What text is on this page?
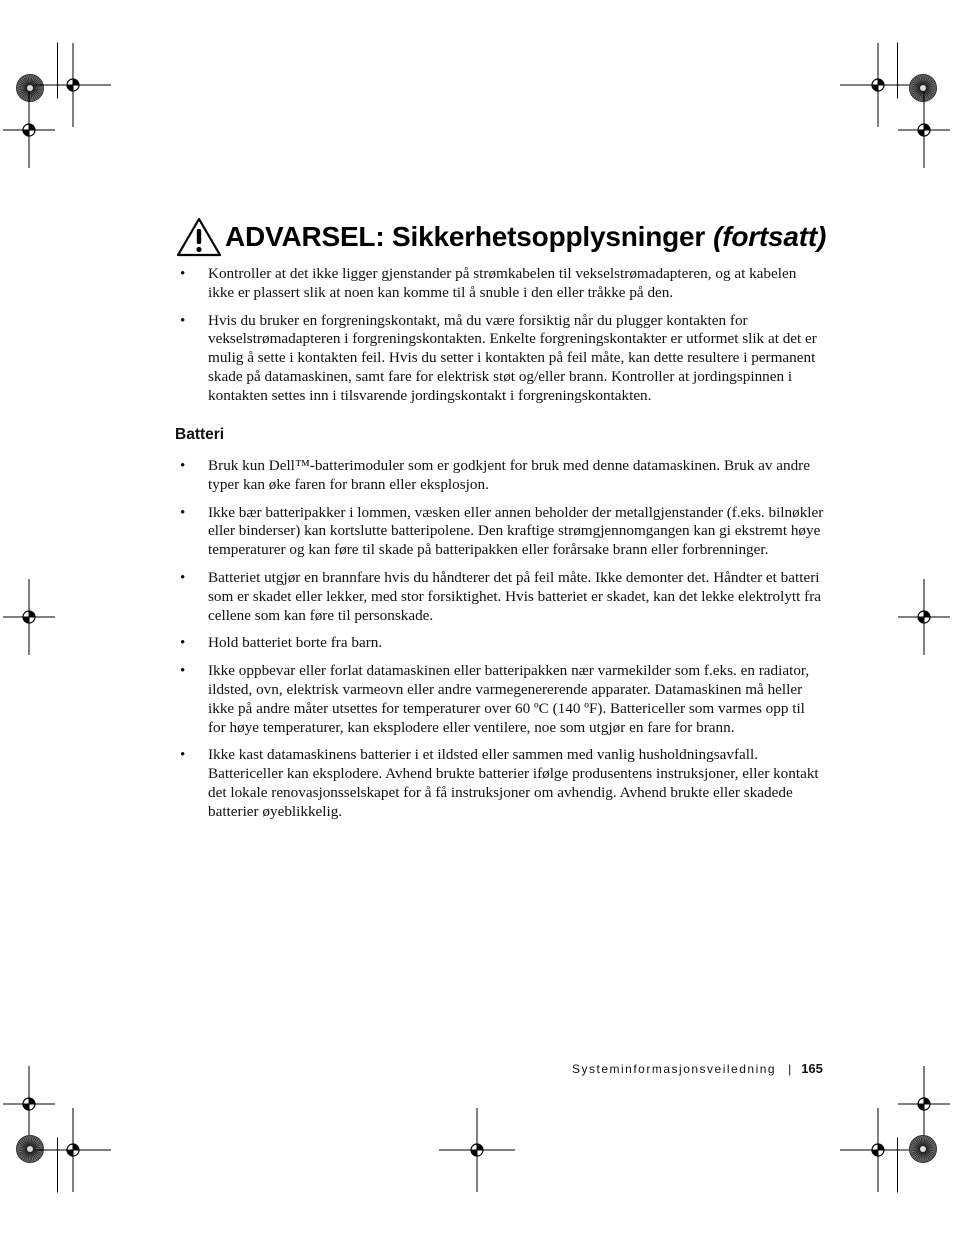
ADVARSEL: Sikkerhetsopplysninger (fortsatt)
• Kontroller at det ikke ligger gjenstander på strømkabelen til vekselstrømadapteren, og at kabelen ikke er plassert slik at noen kan komme til å snuble i den eller tråkke på den.
• Hvis du bruker en forgreningskontakt, må du være forsiktig når du plugger kontakten for vekselstrømadapteren i forgreningskontakten. Enkelte forgreningskontakter er utformet slik at det er mulig å sette i kontakten feil. Hvis du setter i kontakten på feil måte, kan dette resultere i permanent skade på datamaskinen, samt fare for elektrisk støt og/eller brann. Kontroller at jordingspinnen i kontakten settes inn i tilsvarende jordingskontakt i forgreningskontakten.
Batteri
• Bruk kun Dell™-batterimoduler som er godkjent for bruk med denne datamaskinen. Bruk av andre typer kan øke faren for brann eller eksplosjon.
• Ikke bær batteripakker i lommen, væsken eller annen beholder der metallgjenstander (f.eks. bilnøkler eller binderser) kan kortslutte batteripolene. Den kraftige strømgjennomgangen kan gi ekstremt høye temperaturer og kan føre til skade på batteripakken eller forårsake brann eller forbrenninger.
• Batteriet utgjør en brannfare hvis du håndterer det på feil måte. Ikke demonter det. Håndter et batteri som er skadet eller lekker, med stor forsiktighet. Hvis batteriet er skadet, kan det lekke elektrolytt fra cellene som kan føre til personskade.
• Hold batteriet borte fra barn.
• Ikke oppbevar eller forlat datamaskinen eller batteripakken nær varmekilder som f.eks. en radiator, ildsted, ovn, elektrisk varmeovn eller andre varmegenererende apparater. Datamaskinen må heller ikke på andre måter utsettes for temperaturer over 60 ºC (140 ºF). Battericeller som varmes opp til for høye temperaturer, kan eksplodere eller ventilere, noe som utgjør en fare for brann.
• Ikke kast datamaskinens batterier i et ildsted eller sammen med vanlig husholdningsavfall. Battericeller kan eksplodere. Avhend brukte batterier ifølge produsentens instruksjoner, eller kontakt det lokale renovasjonsselskapet for å få instruksjoner om avhendig. Avhend brukte eller skadede batterier øyeblikkelig.
Systeminformasjonsveiledning | 165
